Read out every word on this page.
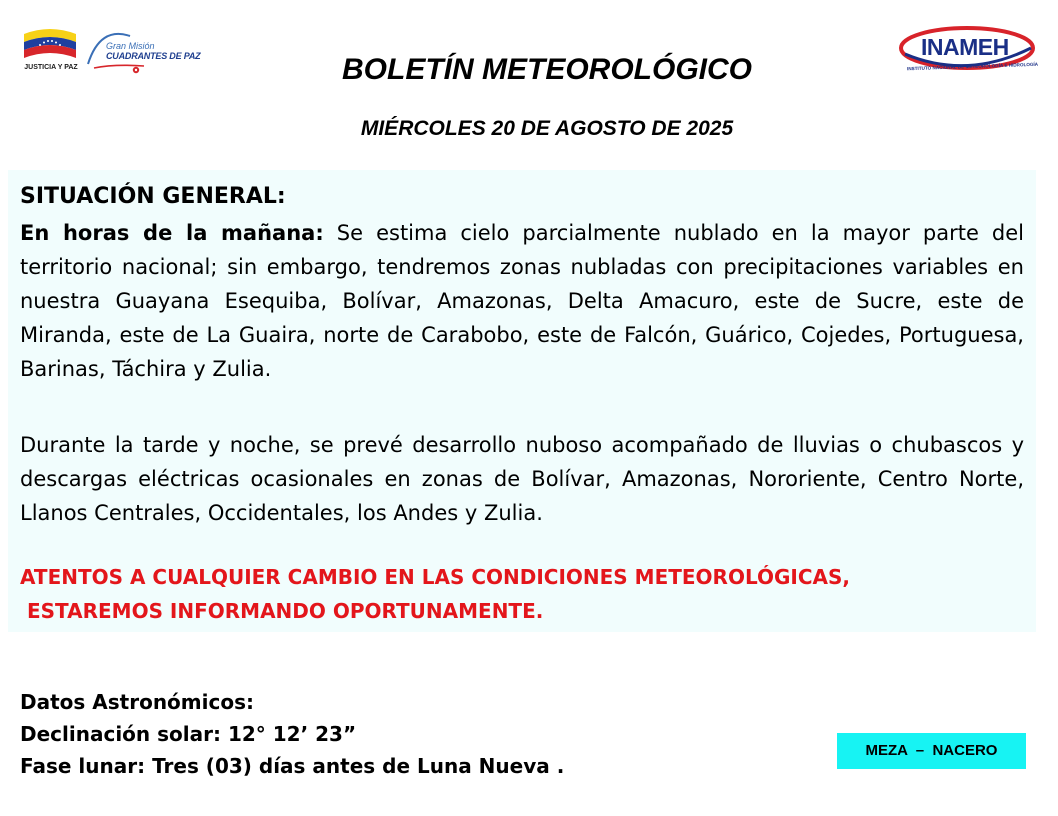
JUSTICIA Y PAZ
Gran Misión
CUADRANTES DE PAZ	INAMEH
INSTITUTO NACIONAL DE METEOROLOGÍA E HIDROLOGÍA
BOLETÍN METEOROLÓGICO
MIÉRCOLES 20 DE AGOSTO DE 2025
SITUACIÓN GENERAL:
En horas de la mañana: Se estima cielo parcialmente nublado en la mayor parte del territorio nacional; sin embargo, tendremos zonas nubladas con precipitaciones variables en nuestra Guayana Esequiba, Bolívar, Amazonas, Delta Amacuro, este de Sucre, este de Miranda, este de La Guaira, norte de Carabobo, este de Falcón, Guárico, Cojedes, Portuguesa, Barinas, Táchira y Zulia.
Durante la tarde y noche, se prevé desarrollo nuboso acompañado de lluvias o chubascos y descargas eléctricas ocasionales en zonas de Bolívar, Amazonas, Nororiente, Centro Norte, Llanos Centrales, Occidentales, los Andes y Zulia.
ATENTOS A CUALQUIER CAMBIO EN LAS CONDICIONES METEOROLÓGICAS,
ESTAREMOS INFORMANDO OPORTUNAMENTE.
Datos Astronómicos:
Declinación solar: 12° 12’ 23”
Fase lunar: Tres (03) días antes de Luna Nueva .
MEZA  –  NACERO
